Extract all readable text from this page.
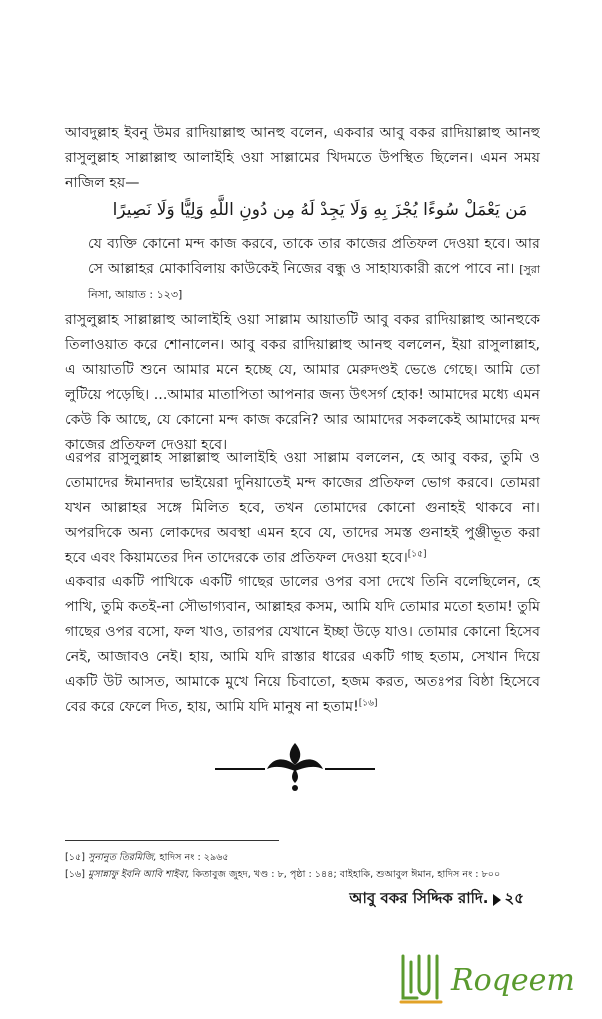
আবদুল্লাহ ইবনু উমর রাদিয়াল্লাহু আনহু বলেন, একবার আবু বকর রাদিয়াল্লাহু আনহু রাসুলুল্লাহ সাল্লাল্লাহু আলাইহি ওয়া সাল্লামের খিদমতে উপস্থিত ছিলেন। এমন সময় নাজিল হয়—
مَن يَعْمَلْ سُوءًا يُجْزَ بِهِ وَلَا يَجِدْ لَهُ مِن دُونِ اللَّهِ وَلِيًّا وَلَا نَصِيرًا
যে ব্যক্তি কোনো মন্দ কাজ করবে, তাকে তার কাজের প্রতিফল দেওয়া হবে। আর সে আল্লাহর মোকাবিলায় কাউকেই নিজের বন্ধু ও সাহায্যকারী রূপে পাবে না। [সুরা নিসা, আয়াত : ১২৩]
রাসুলুল্লাহ সাল্লাল্লাহু আলাইহি ওয়া সাল্লাম আয়াতটি আবু বকর রাদিয়াল্লাহু আনহুকে তিলাওয়াত করে শোনালেন। আবু বকর রাদিয়াল্লাহু আনহু বললেন, ইয়া রাসুলাল্লাহ, এ আয়াতটি শুনে আমার মনে হচ্ছে যে, আমার মেরুদণ্ডই ভেঙে গেছে। আমি তো লুটিয়ে পড়েছি। ...আমার মাতাপিতা আপনার জন্য উৎসর্গ হোক! আমাদের মধ্যে এমন কেউ কি আছে, যে কোনো মন্দ কাজ করেনি? আর আমাদের সকলকেই আমাদের মন্দ কাজের প্রতিফল দেওয়া হবে।
এরপর রাসুলুল্লাহ সাল্লাল্লাহু আলাইহি ওয়া সাল্লাম বললেন, হে আবু বকর, তুমি ও তোমাদের ঈমানদার ভাইয়েরা দুনিয়াতেই মন্দ কাজের প্রতিফল ভোগ করবে। তোমরা যখন আল্লাহর সঙ্গে মিলিত হবে, তখন তোমাদের কোনো গুনাহই থাকবে না। অপরদিকে অন্য লোকদের অবস্থা এমন হবে যে, তাদের সমস্ত গুনাহই পুঞ্জীভূত করা হবে এবং কিয়ামতের দিন তাদেরকে তার প্রতিফল দেওয়া হবে।[১৫]
একবার একটি পাখিকে একটি গাছের ডালের ওপর বসা দেখে তিনি বলেছিলেন, হে পাখি, তুমি কতই-না সৌভাগ্যবান, আল্লাহর কসম, আমি যদি তোমার মতো হতাম! তুমি গাছের ওপর বসো, ফল খাও, তারপর যেখানে ইচ্ছা উড়ে যাও। তোমার কোনো হিসেব নেই, আজাবও নেই। হায়, আমি যদি রাস্তার ধারের একটি গাছ হতাম, সেখান দিয়ে একটি উট আসত, আমাকে মুখে নিয়ে চিবাতো, হজম করত, অতঃপর বিষ্ঠা হিসেবে বের করে ফেলে দিত, হায়, আমি যদি মানুষ না হতাম![১৬]
[১৫] সুনানুত তিরমিজি, হাদিস নং : ২৯৬৫
[১৬] মুসান্নাফু ইবনি আবি শাইবা, কিতাবুজ জুহদ, খণ্ড : ৮, পৃষ্ঠা : ১৪৪; বাইহাকি, শুআবুল ঈমান, হাদিস নং : ৮০০
আবু বকর সিদ্দিক রাদি. ২৫
Roqeem
